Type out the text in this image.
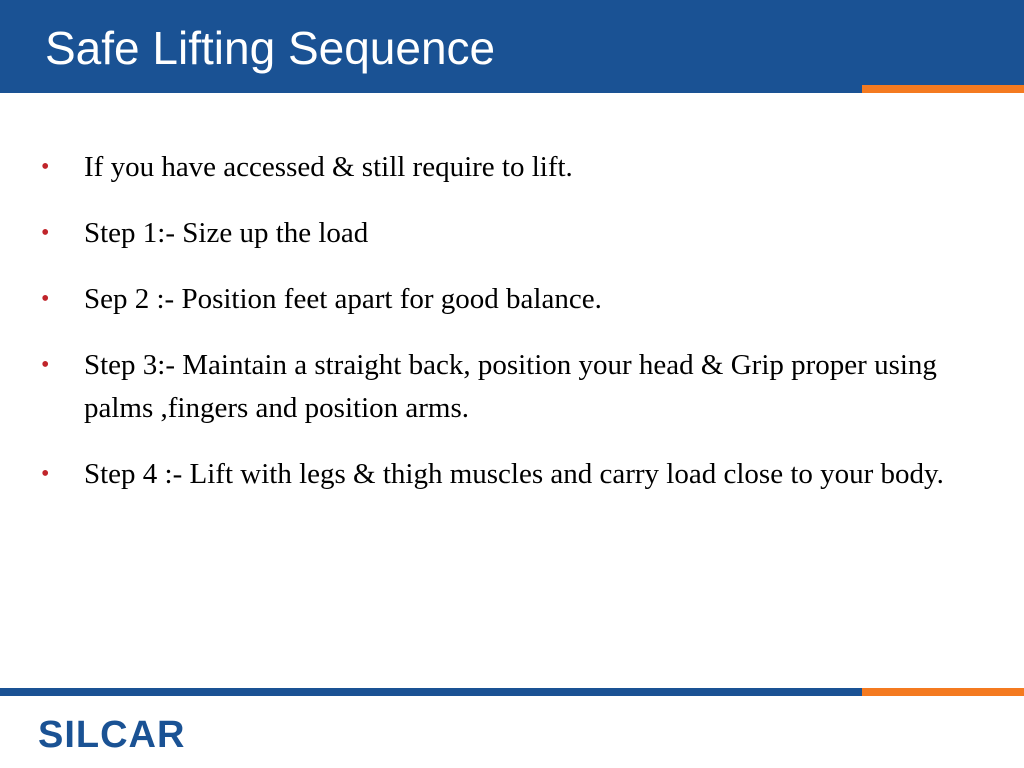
Safe Lifting Sequence
• If you have accessed & still require to lift.
• Step 1:- Size up the load
• Sep 2 :- Position feet apart for good balance.
• Step 3:- Maintain a straight back, position your head & Grip proper using palms ,fingers and position arms.
• Step 4 :- Lift with legs & thigh muscles and carry load close to your body.
SILCAR
